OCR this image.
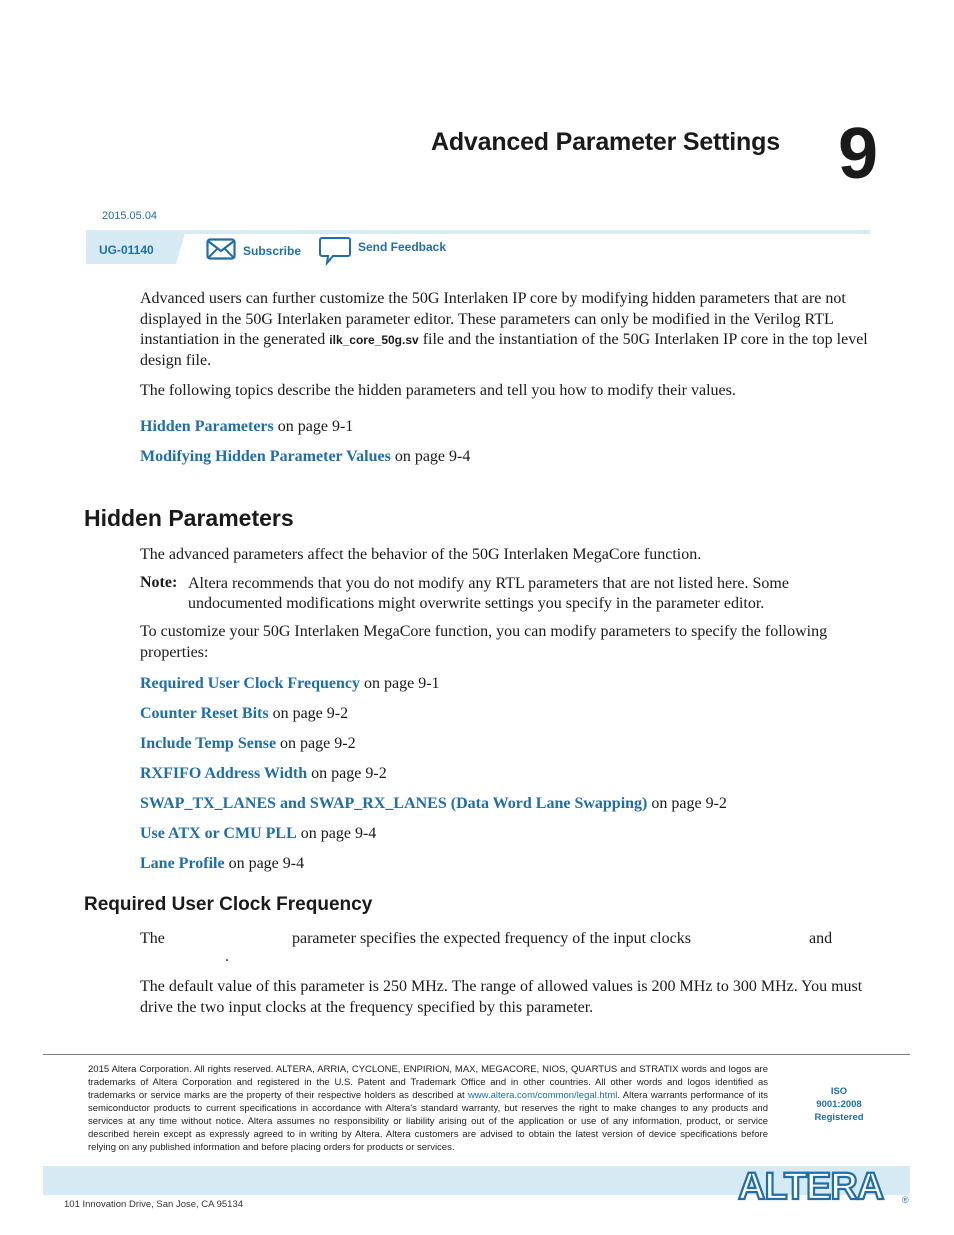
Advanced Parameter Settings 9
2015.05.04
UG-01140	Subscribe	Send Feedback
Advanced users can further customize the 50G Interlaken IP core by modifying hidden parameters that are not displayed in the 50G Interlaken parameter editor. These parameters can only be modified in the Verilog RTL instantiation in the generated ilk_core_50g.sv file and the instantiation of the 50G Interlaken IP core in the top level design file.
The following topics describe the hidden parameters and tell you how to modify their values.
Hidden Parameters on page 9-1
Modifying Hidden Parameter Values on page 9-4
Hidden Parameters
The advanced parameters affect the behavior of the 50G Interlaken MegaCore function.
Note: Altera recommends that you do not modify any RTL parameters that are not listed here. Some undocumented modifications might overwrite settings you specify in the parameter editor.
To customize your 50G Interlaken MegaCore function, you can modify parameters to specify the following properties:
Required User Clock Frequency on page 9-1
Counter Reset Bits on page 9-2
Include Temp Sense on page 9-2
RXFIFO Address Width on page 9-2
SWAP_TX_LANES and SWAP_RX_LANES (Data Word Lane Swapping) on page 9-2
Use ATX or CMU PLL on page 9-4
Lane Profile on page 9-4
Required User Clock Frequency
The	parameter specifies the expected frequency of the input clocks	and
.
The default value of this parameter is 250 MHz. The range of allowed values is 200 MHz to 300 MHz. You must drive the two input clocks at the frequency specified by this parameter.
2015 Altera Corporation. All rights reserved. ALTERA, ARRIA, CYCLONE, ENPIRION, MAX, MEGACORE, NIOS, QUARTUS and STRATIX words and logos are trademarks of Altera Corporation and registered in the U.S. Patent and Trademark Office and in other countries. All other words and logos identified as trademarks or service marks are the property of their respective holders as described at www.altera.com/common/legal.html. Altera warrants performance of its semiconductor products to current specifications in accordance with Altera's standard warranty, but reserves the right to make changes to any products and services at any time without notice. Altera assumes no responsibility or liability arising out of the application or use of any information, product, or service described herein except as expressly agreed to in writing by Altera. Altera customers are advised to obtain the latest version of device specifications before relying on any published information and before placing orders for products or services.
ISO
9001:2008
Registered
101 Innovation Drive, San Jose, CA 95134	ALTERA ®
